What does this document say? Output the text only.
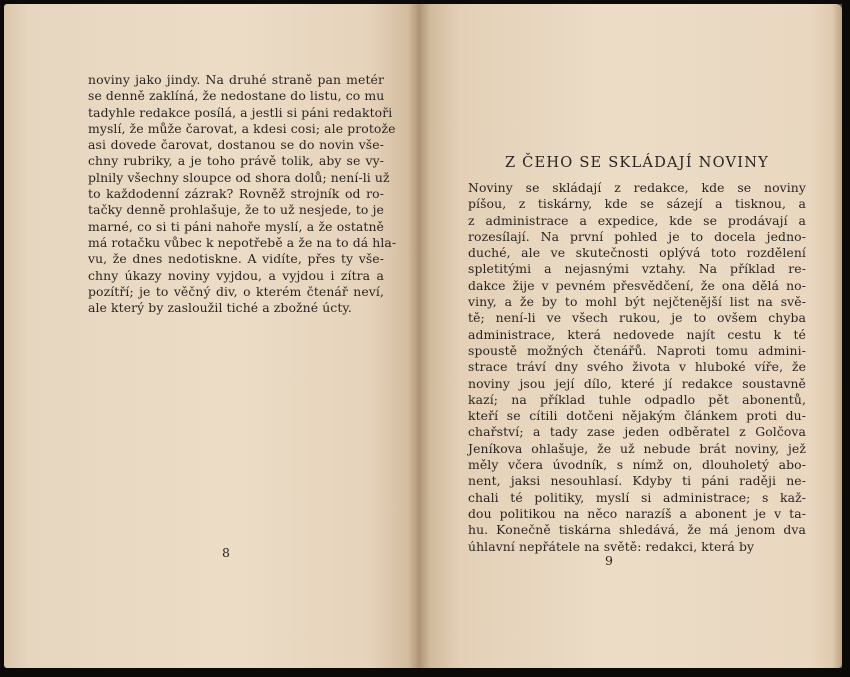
noviny jako jindy. Na druhé straně pan metér
se denně zaklíná, že nedostane do listu, co mu
tadyhle redakce posílá, a jestli si páni redaktoři
myslí, že může čarovat, a kdesi cosi; ale protože
asi dovede čarovat, dostanou se do novin vše-
chny rubriky, a je toho právě tolik, aby se vy-
plnily všechny sloupce od shora dolů; není-li už
to každodenní zázrak? Rovněž strojník od ro-
tačky denně prohlašuje, že to už nesjede, to je
marné, co si ti páni nahoře myslí, a že ostatně
má rotačku vůbec k nepotřebě a že na to dá hla-
vu, že dnes nedotiskne. A vidíte, přes ty vše-
chny úkazy noviny vyjdou, a vyjdou i zítra a
pozítří; je to věčný div, o kterém čtenář neví,
ale který by zasloužil tiché a zbožné úcty.
8
Z ČEHO SE SKLÁDAJÍ NOVINY
Noviny se skládají z redakce, kde se noviny
píšou, z tiskárny, kde se sázejí a tisknou, a
z administrace a expedice, kde se prodávají a
rozesílají. Na první pohled je to docela jedno-
duché, ale ve skutečnosti oplývá toto rozdělení
spletitými a nejasnými vztahy. Na příklad re-
dakce žije v pevném přesvědčení, že ona dělá no-
viny, a že by to mohl být nejčtenější list na svě-
tě; není-li ve všech rukou, je to ovšem chyba
administrace, která nedovede najít cestu k té
spoustě možných čtenářů. Naproti tomu admini-
strace tráví dny svého života v hluboké víře, že
noviny jsou její dílo, které jí redakce soustavně
kazí; na příklad tuhle odpadlo pět abonentů,
kteří se cítili dotčeni nějakým článkem proti du-
chařství; a tady zase jeden odběratel z Golčova
Jeníkova ohlašuje, že už nebude brát noviny, jež
měly včera úvodník, s nímž on, dlouholetý abo-
nent, jaksi nesouhlasí. Kdyby ti páni raději ne-
chali té politiky, myslí si administrace; s kaž-
dou politikou na něco narazíš a abonent je v ta-
hu. Konečně tiskárna shledává, že má jenom dva
úhlavní nepřátele na světě: redakci, která by
9
